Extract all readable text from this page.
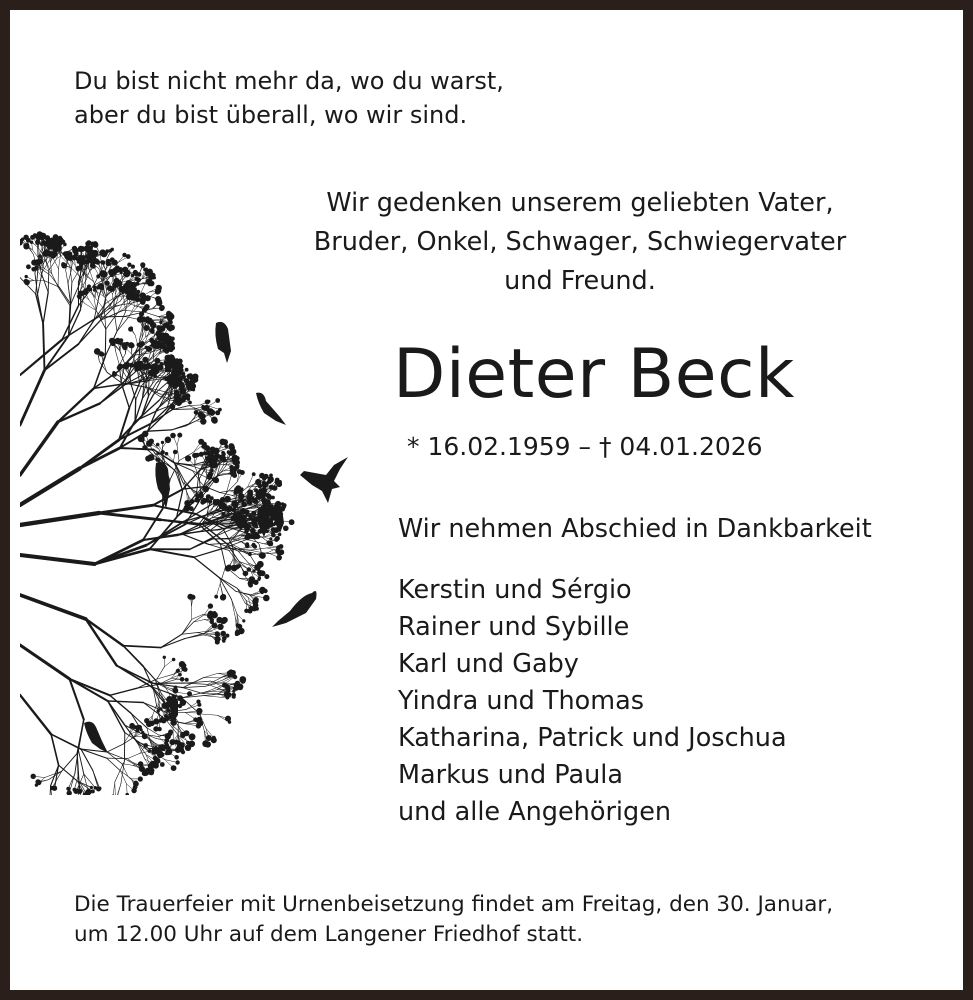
Du bist nicht mehr da, wo du warst,
aber du bist überall, wo wir sind.
Wir gedenken unserem geliebten Vater,
Bruder, Onkel, Schwager, Schwiegervater
und Freund.
Dieter Beck
* 16.02.1959 – † 04.01.2026
Wir nehmen Abschied in Dankbarkeit
Kerstin und Sérgio
Rainer und Sybille
Karl und Gaby
Yindra und Thomas
Katharina, Patrick und Joschua
Markus und Paula
und alle Angehörigen
Die Trauerfeier mit Urnenbeisetzung findet am Freitag, den 30. Januar,
um 12.00 Uhr auf dem Langener Friedhof statt.
